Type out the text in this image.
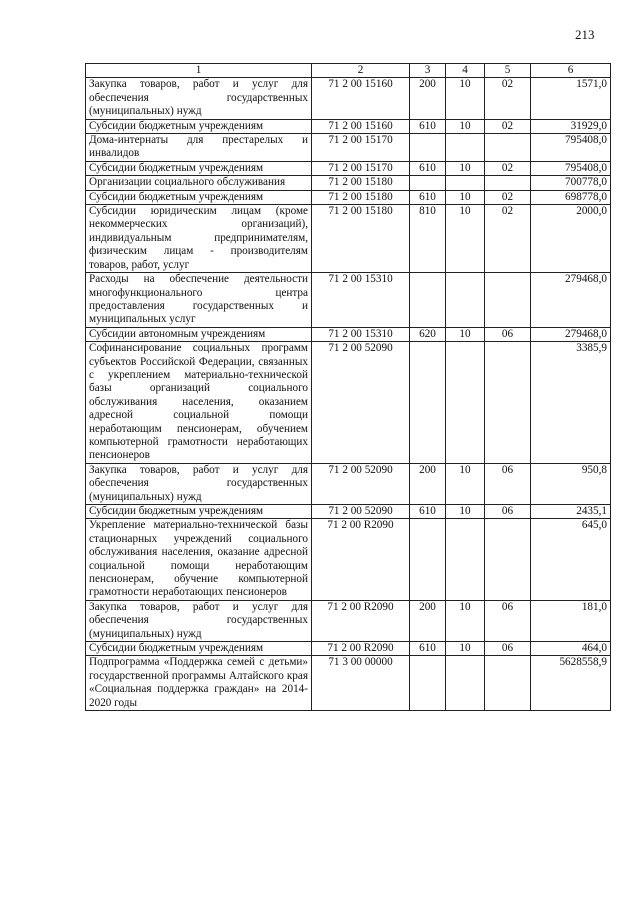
213
1	2	3	4	5	6
Закупка товаров, работ и услуг для обеспечения государственных (муниципальных) нужд	71 2 00 15160	200	10	02	1571,0
Субсидии бюджетным учреждениям	71 2 00 15160	610	10	02	31929,0
Дома-интернаты для престарелых и инвалидов	71 2 00 15170				795408,0
Субсидии бюджетным учреждениям	71 2 00 15170	610	10	02	795408,0
Организации социального обслуживания	71 2 00 15180				700778,0
Субсидии бюджетным учреждениям	71 2 00 15180	610	10	02	698778,0
Субсидии юридическим лицам (кроме некоммерческих организаций), индивидуальным предпринимателям, физическим лицам - производителям товаров, работ, услуг	71 2 00 15180	810	10	02	2000,0
Расходы на обеспечение деятельности многофункционального центра предоставления государственных и муниципальных услуг	71 2 00 15310				279468,0
Субсидии автономным учреждениям	71 2 00 15310	620	10	06	279468,0
Софинансирование социальных программ субъектов Российской Федерации, связанных с укреплением материально-технической базы организаций социального обслуживания населения, оказанием адресной социальной помощи неработающим пенсионерам, обучением компьютерной грамотности неработающих пенсионеров	71 2 00 52090				3385,9
Закупка товаров, работ и услуг для обеспечения государственных (муниципальных) нужд	71 2 00 52090	200	10	06	950,8
Субсидии бюджетным учреждениям	71 2 00 52090	610	10	06	2435,1
Укрепление материально-технической базы стационарных учреждений социального обслуживания населения, оказание адресной социальной помощи неработающим пенсионерам, обучение компьютерной грамотности неработающих пенсионеров	71 2 00 R2090				645,0
Закупка товаров, работ и услуг для обеспечения государственных (муниципальных) нужд	71 2 00 R2090	200	10	06	181,0
Субсидии бюджетным учреждениям	71 2 00 R2090	610	10	06	464,0
Подпрограмма «Поддержка семей с детьми» государственной программы Алтайского края «Социальная поддержка граждан» на 2014-2020 годы	71 3 00 00000				5628558,9
